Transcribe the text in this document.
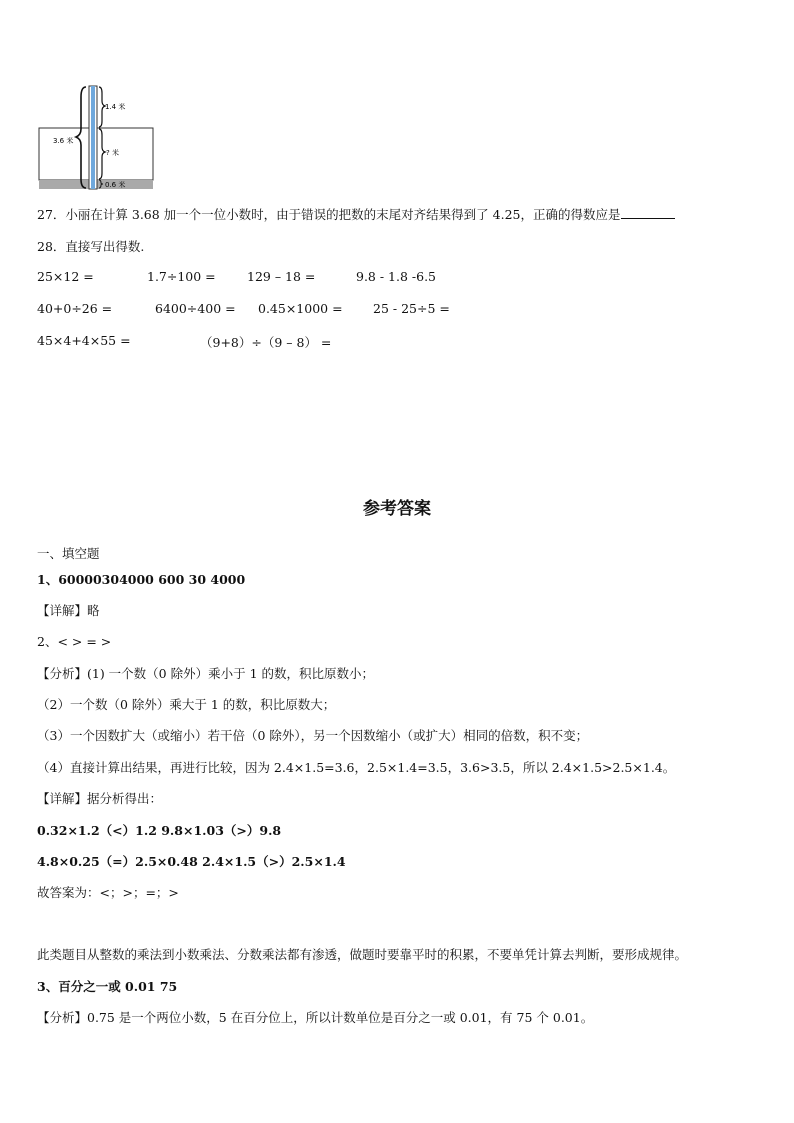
1.4 米
3.6 米
? 米
0.6 米

27．小丽在计算 3.68 加一个一位小数时，由于错误的把数的末尾对齐结果得到了 4.25，正确的得数应是

28．直接写出得数.

25×12 =	1.7÷100 =	129 – 18 =	9.8 - 1.8 -6.5
40+0÷26 =	6400÷400 = 0.45×1000 = 25 - 25÷5 =
45×4+4×55 =	（9+8）÷（9 – 8） =
参考答案

一、填空题

1、60000304000 600 30 4000

【详解】略

2、< > = >

【分析】(1) 一个数（0 除外）乘小于 1 的数，积比原数小；

（2）一个数（0 除外）乘大于 1 的数，积比原数大；

（3）一个因数扩大（或缩小）若干倍（0 除外），另一个因数缩小（或扩大）相同的倍数，积不变；

（4）直接计算出结果，再进行比较，因为 2.4×1.5=3.6，2.5×1.4=3.5，3.6>3.5，所以 2.4×1.5>2.5×1.4。

【详解】据分析得出：

0.32×1.2（<）1.2 9.8×1.03（>）9.8

4.8×0.25（=）2.5×0.48 2.4×1.5（>）2.5×1.4

故答案为：<；>；=；>

此类题目从整数的乘法到小数乘法、分数乘法都有渗透，做题时要靠平时的积累，不要单凭计算去判断，要形成规律。

3、百分之一或 0.01 75

【分析】0.75 是一个两位小数，5 在百分位上，所以计数单位是百分之一或 0.01，有 75 个 0.01。
